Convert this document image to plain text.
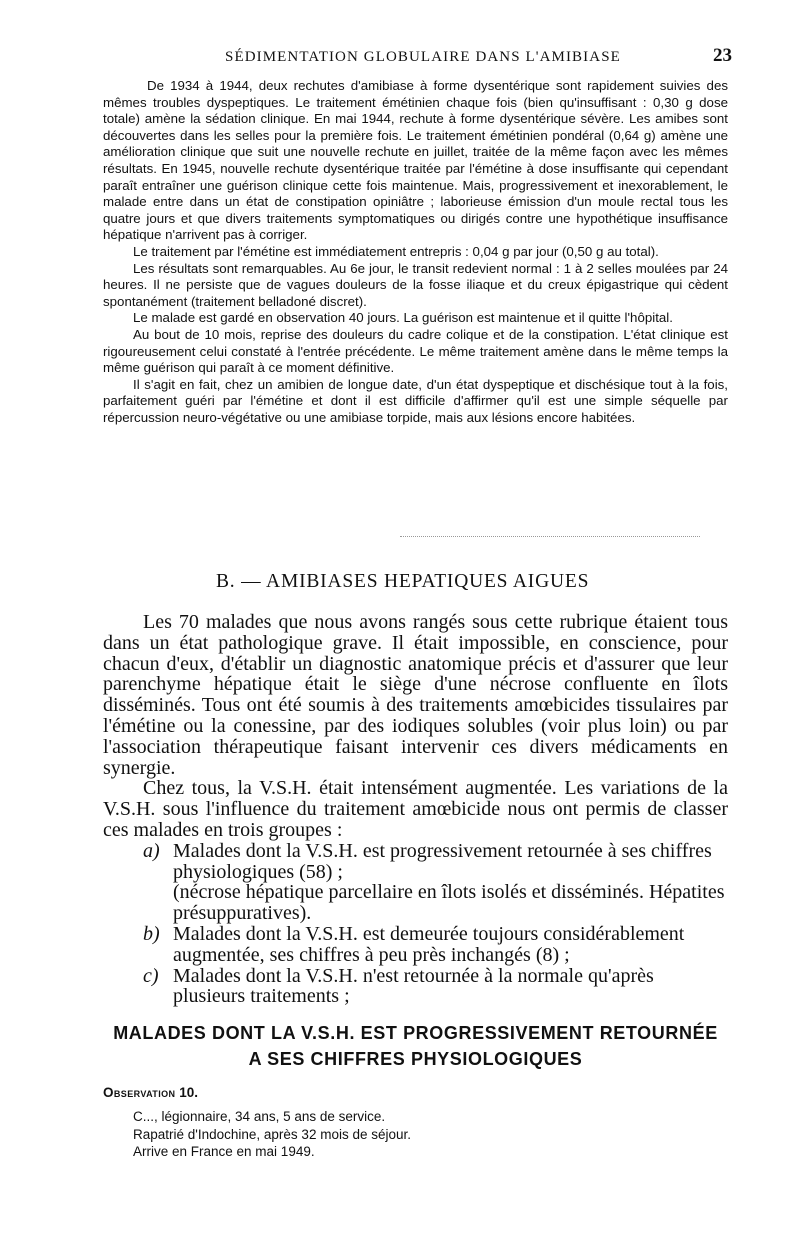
SÉDIMENTATION GLOBULAIRE DANS L'AMIBIASE	23

De 1934 à 1944, deux rechutes d'amibiase à forme dysentérique sont rapidement suivies des mêmes troubles dyspeptiques. Le traitement émétinien chaque fois (bien qu'insuffisant : 0,30 g dose totale) amène la sédation clinique. En mai 1944, rechute à forme dysentérique sévère. Les amibes sont découvertes dans les selles pour la première fois. Le traitement émétinien pondéral (0,64 g) amène une amélioration clinique que suit une nouvelle rechute en juillet, traitée de la même façon avec les mêmes résultats. En 1945, nouvelle rechute dysentérique traitée par l'émétine à dose insuffisante qui cependant paraît entraîner une guérison clinique cette fois maintenue. Mais, progressivement et inexorablement, le malade entre dans un état de constipation opiniâtre ; laborieuse émission d'un moule rectal tous les quatre jours et que divers traitements symptomatiques ou dirigés contre une hypothétique insuffisance hépatique n'arrivent pas à corriger.

Le traitement par l'émétine est immédiatement entrepris : 0,04 g par jour (0,50 g au total).

Les résultats sont remarquables. Au 6e jour, le transit redevient normal : 1 à 2 selles moulées par 24 heures. Il ne persiste que de vagues douleurs de la fosse iliaque et du creux épigastrique qui cèdent spontanément (traitement belladoné discret).

Le malade est gardé en observation 40 jours. La guérison est maintenue et il quitte l'hôpital.

Au bout de 10 mois, reprise des douleurs du cadre colique et de la constipation. L'état clinique est rigoureusement celui constaté à l'entrée précédente. Le même traitement amène dans le même temps la même guérison qui paraît à ce moment définitive.

Il s'agit en fait, chez un amibien de longue date, d'un état dyspeptique et dischésique tout à la fois, parfaitement guéri par l'émétine et dont il est difficile d'affirmer qu'il est une simple séquelle par répercussion neuro-végétative ou une amibiase torpide, mais aux lésions encore habitées.

B. — AMIBIASES HEPATIQUES AIGUES

Les 70 malades que nous avons rangés sous cette rubrique étaient tous dans un état pathologique grave. Il était impossible, en conscience, pour chacun d'eux, d'établir un diagnostic anatomique précis et d'assurer que leur parenchyme hépatique était le siège d'une nécrose confluente en îlots disséminés. Tous ont été soumis à des traitements amœbicides tissulaires par l'émétine ou la conessine, par des iodiques solubles (voir plus loin) ou par l'association thérapeutique faisant intervenir ces divers médicaments en synergie.

Chez tous, la V.S.H. était intensément augmentée. Les variations de la V.S.H. sous l'influence du traitement amœbicide nous ont permis de classer ces malades en trois groupes :

a) Malades dont la V.S.H. est progressivement retournée à ses chiffres physiologiques (58) ;
(nécrose hépatique parcellaire en îlots isolés et disséminés. Hépatites présuppuratives).
b) Malades dont la V.S.H. est demeurée toujours considérablement augmentée, ses chiffres à peu près inchangés (8) ;
c) Malades dont la V.S.H. n'est retournée à la normale qu'après plusieurs traitements ;
MALADES DONT LA V.S.H. EST PROGRESSIVEMENT RETOURNÉE
A SES CHIFFRES PHYSIOLOGIQUES
Observation 10.
C..., légionnaire, 34 ans, 5 ans de service.
Rapatrié d'Indochine, après 32 mois de séjour.
Arrive en France en mai 1949.
